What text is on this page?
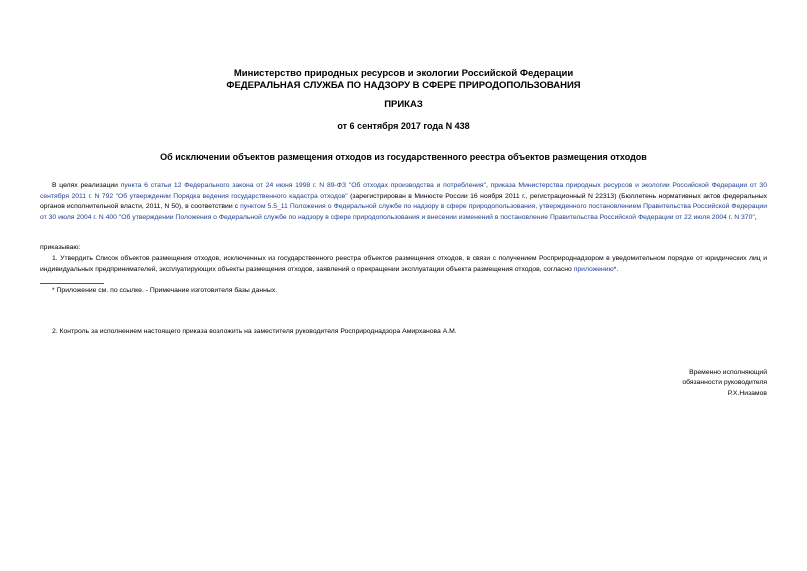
Министерство природных ресурсов и экологии Российской Федерации
ФЕДЕРАЛЬНАЯ СЛУЖБА ПО НАДЗОРУ В СФЕРЕ ПРИРОДОПОЛЬЗОВАНИЯ
ПРИКАЗ
от 6 сентября 2017 года N 438
Об исключении объектов размещения отходов из государственного реестра объектов размещения отходов
В целях реализации пункта 6 статьи 12 Федерального закона от 24 июня 1998 г. N 89-ФЗ "Об отходах производства и потребления", приказа Министерства природных ресурсов и экологии Российской Федерации от 30 сентября 2011 г. N 792 "Об утверждении Порядка ведения государственного кадастра отходов" (зарегистрирован в Минюсте России 16 ноября 2011 г., регистрационный N 22313) (Бюллетень нормативных актов федеральных органов исполнительной власти, 2011, N 50), в соответствии с пунктом 5.5_11 Положения о Федеральной службе по надзору в сфере природопользования, утвержденного постановлением Правительства Российской Федерации от 30 июля 2004 г. N 400 "Об утверждении Положения о Федеральной службе по надзору в сфере природопользования и внесении изменений в постановление Правительства Российской Федерации от 22 июля 2004 г. N 370",
приказываю:
1. Утвердить Список объектов размещения отходов, исключенных из государственного реестра объектов размещения отходов, в связи с получением Росприроднадзором в уведомительном порядке от юридических лиц и индивидуальных предпринимателей, эксплуатирующих объекты размещения отходов, заявлений о прекращении эксплуатации объекта размещения отходов, согласно приложению*.
* Приложение см. по ссылке. - Примечание изготовителя базы данных.
2. Контроль за исполнением настоящего приказа возложить на заместителя руководителя Росприроднадзора Амирханова А.М.
Временно исполняющий
обязанности руководителя
Р.Х.Низамов
